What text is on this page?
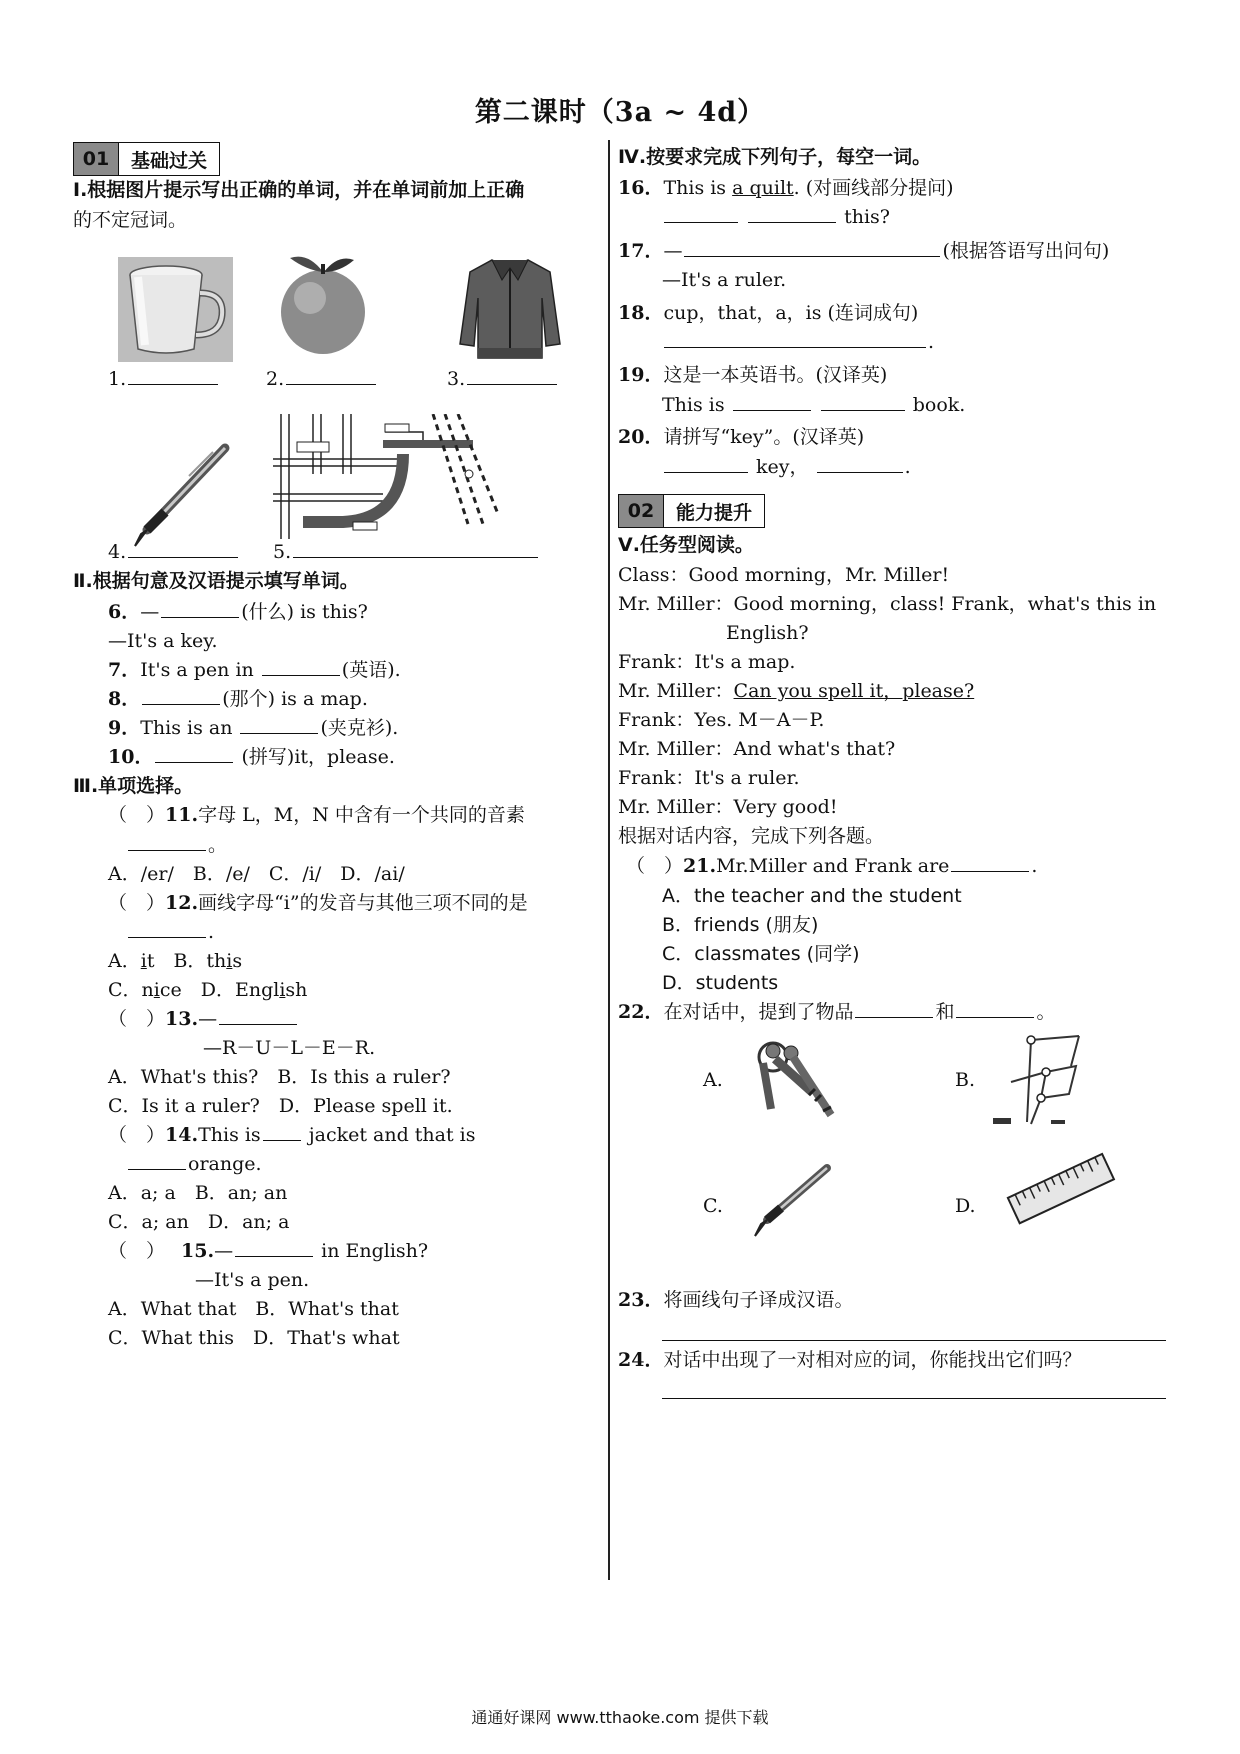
第二课时（3a ~ 4d）
01	基础过关
Ⅰ.根据图片提示写出正确的单词，并在单词前加上正确
的不定冠词。
1.	2.	3.
4.	5.
Ⅱ.根据句意及汉语提示填写单词。
6．—	(什么) is this?
—It's a key.
7．It's a pen in	(英语).
8．	(那个) is a map.
9．This is an	(夹克衫).
10．	(拼写)it，please.
Ⅲ.单项选择。
（　）11.字母 L，M，N 中含有一个共同的音素
。
A．/er/　B．/e/　C．/i/　D．/ai/
（　）12.画线字母“i”的发音与其他三项不同的是
.
A．it　B．this
C．nice　D．English
（　）13.—
—R－U－L－E－R.
A．What's this?　B．Is this a ruler?
C．Is it a ruler?　D．Please spell it.
（　）14.This is jacket and that is
orange.
A．a; a　B．an; an
C．a; an　D．an; a
（　） 15.—	in English?
—It's a pen.
A．What that　B．What's that
C．What this　D．That's what
Ⅳ.按要求完成下列句子，每空一词。
16．This is a quilt. (对画线部分提问)
this?
17．—	(根据答语写出问句)
—It's a ruler.
18．cup，that，a，is (连词成句)
.
19．这是一本英语书。(汉译英)
This is	book.
20．请拼写“key”。(汉译英)
key，	.
02	能力提升
Ⅴ.任务型阅读。
Class：Good morning，Mr. Miller!
Mr. Miller：Good morning，class! Frank，what's this in
English?
Frank：It's a map.
Mr. Miller：Can you spell it，please?
Frank：Yes. M－A－P.
Mr. Miller：And what's that?
Frank：It's a ruler.
Mr. Miller：Very good!
根据对话内容，完成下列各题。
（　）21.Mr.Miller and Frank are	.
A．the teacher and the student
B．friends (朋友)
C．classmates (同学)
D．students
22．在对话中，提到了物品	和	。
A.	B.
C.	D.
23．将画线句子译成汉语。
24．对话中出现了一对相对应的词，你能找出它们吗？
通通好课网 www.tthaoke.com 提供下载
